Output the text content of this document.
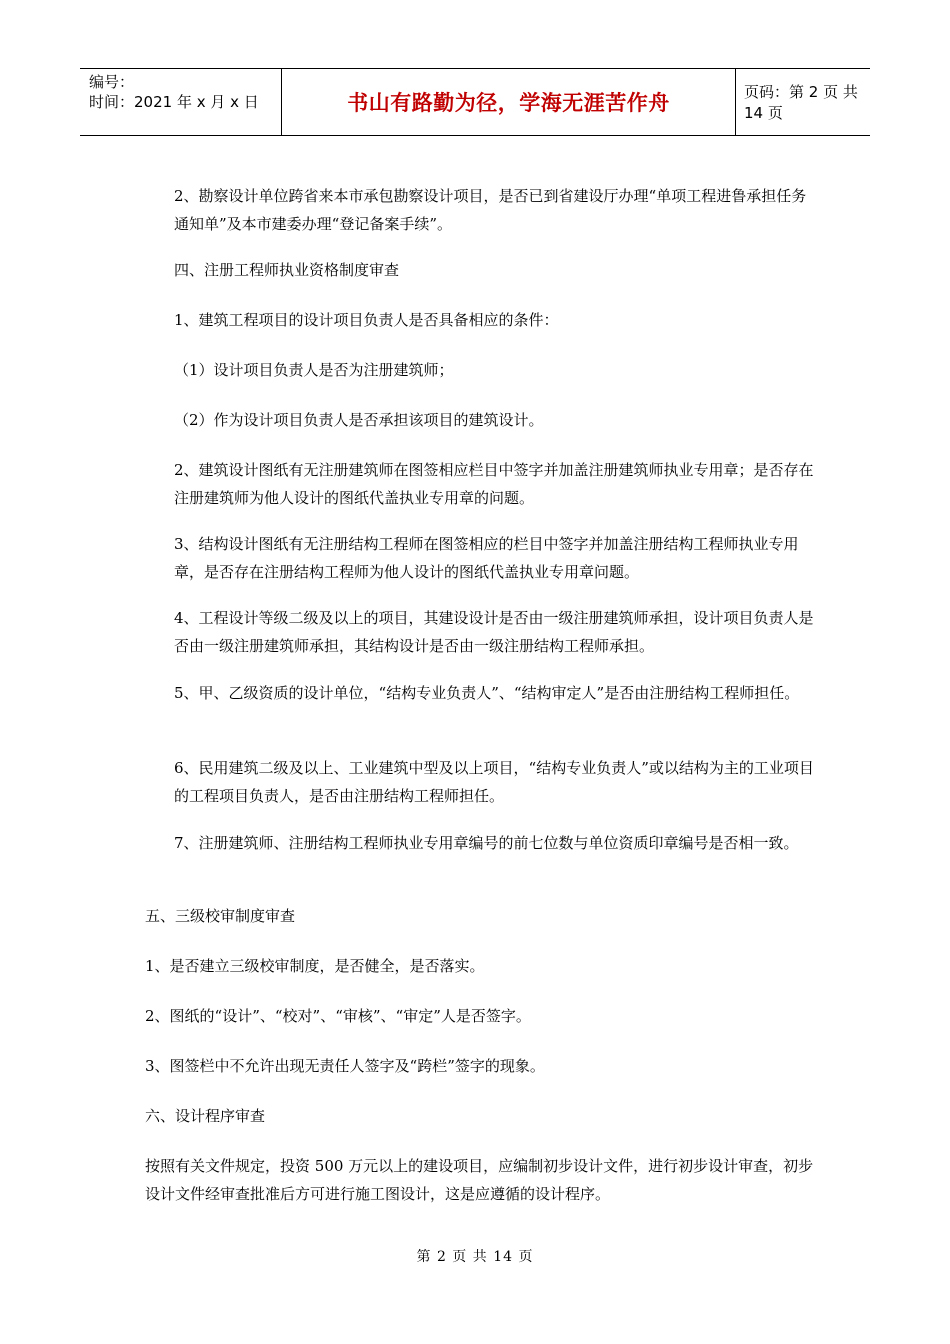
编号：
时间：2021 年 x 月 x 日	书山有路勤为径，学海无涯苦作舟	页码：第 2 页 共 14 页

2、勘察设计单位跨省来本市承包勘察设计项目，是否已到省建设厅办理“单项工程进鲁承担任务通知单”及本市建委办理“登记备案手续”。

四、注册工程师执业资格制度审查

1、建筑工程项目的设计项目负责人是否具备相应的条件：

（1）设计项目负责人是否为注册建筑师；

（2）作为设计项目负责人是否承担该项目的建筑设计。

2、建筑设计图纸有无注册建筑师在图签相应栏目中签字并加盖注册建筑师执业专用章；是否存在注册建筑师为他人设计的图纸代盖执业专用章的问题。

3、结构设计图纸有无注册结构工程师在图签相应的栏目中签字并加盖注册结构工程师执业专用章，是否存在注册结构工程师为他人设计的图纸代盖执业专用章问题。

4、工程设计等级二级及以上的项目，其建设设计是否由一级注册建筑师承担，设计项目负责人是否由一级注册建筑师承担，其结构设计是否由一级注册结构工程师承担。

5、甲、乙级资质的设计单位，“结构专业负责人”、“结构审定人”是否由注册结构工程师担任。

6、民用建筑二级及以上、工业建筑中型及以上项目，“结构专业负责人”或以结构为主的工业项目的工程项目负责人，是否由注册结构工程师担任。

7、注册建筑师、注册结构工程师执业专用章编号的前七位数与单位资质印章编号是否相一致。

五、三级校审制度审查

1、是否建立三级校审制度，是否健全，是否落实。

2、图纸的“设计”、“校对”、“审核”、“审定”人是否签字。

3、图签栏中不允许出现无责任人签字及“跨栏”签字的现象。

六、设计程序审查

按照有关文件规定，投资 500 万元以上的建设项目，应编制初步设计文件，进行初步设计审查，初步设计文件经审查批准后方可进行施工图设计，这是应遵循的设计程序。

第 2 页 共 14 页
